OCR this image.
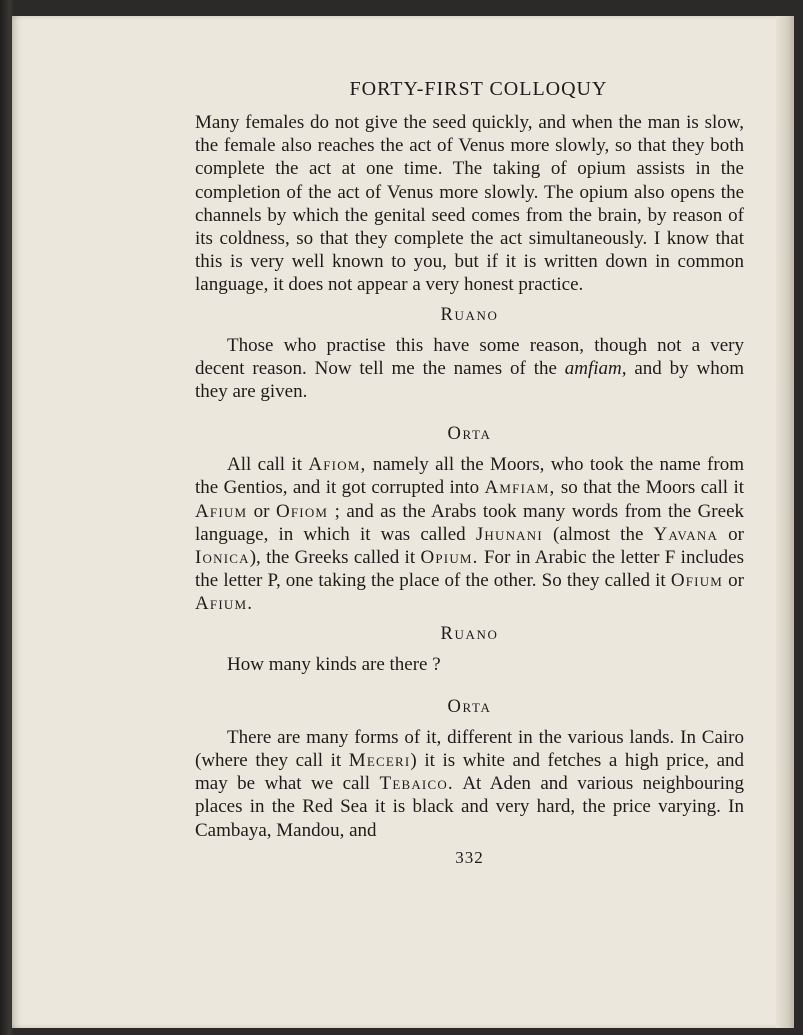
FORTY-FIRST COLLOQUY

Many females do not give the seed quickly, and when the man is slow, the female also reaches the act of Venus more slowly, so that they both complete the act at one time. The taking of opium assists in the completion of the act of Venus more slowly. The opium also opens the channels by which the genital seed comes from the brain, by reason of its coldness, so that they complete the act simultaneously. I know that this is very well known to you, but if it is written down in common language, it does not appear a very honest practice.

Ruano

Those who practise this have some reason, though not a very decent reason. Now tell me the names of the amfiam, and by whom they are given.

Orta

All call it Afiom, namely all the Moors, who took the name from the Gentios, and it got corrupted into Amfiam, so that the Moors call it Afium or Ofiom ; and as the Arabs took many words from the Greek language, in which it was called Jhunani (almost the Yavana or Ionica), the Greeks called it Opium. For in Arabic the letter F includes the letter P, one taking the place of the other. So they called it Ofium or Afium.

Ruano

How many kinds are there ?

Orta

There are many forms of it, different in the various lands. In Cairo (where they call it Meceri) it is white and fetches a high price, and may be what we call Tebaico. At Aden and various neighbouring places in the Red Sea it is black and very hard, the price varying. In Cambaya, Mandou, and

332
